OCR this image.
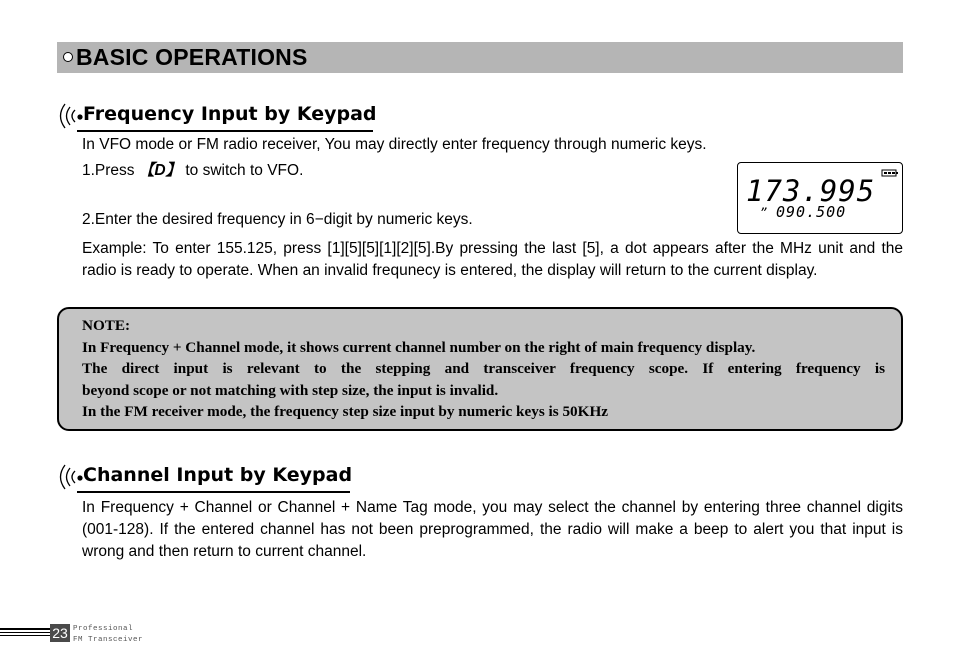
BASIC OPERATIONS
Frequency Input by Keypad
In VFO mode or FM radio receiver, You may directly enter frequency through numeric keys.
1.Press 【D】 to switch to VFO.
2.Enter the desired frequency in 6−digit by numeric keys.
173.995
” 090.500
Example: To enter 155.125, press [1][5][5][1][2][5].By pressing the last [5], a dot appears after the MHz unit and the radio is ready to operate. When an invalid frequnecy is entered, the display will return to the current display.
NOTE:
In Frequency + Channel mode, it shows current channel number on the right of main frequency display.
The direct input is relevant to the stepping and transceiver frequency scope. If entering frequency is
beyond scope or not matching with step size, the input is invalid.
In the FM receiver mode, the frequency step size input by numeric keys is 50KHz
Channel Input by Keypad
In Frequency + Channel or Channel + Name Tag mode, you may select the channel by entering three channel digits (001-128). If the entered channel has not been preprogrammed, the radio will make a beep to alert you that input is wrong and then return to current channel.
23 Professional
FM Transceiver
